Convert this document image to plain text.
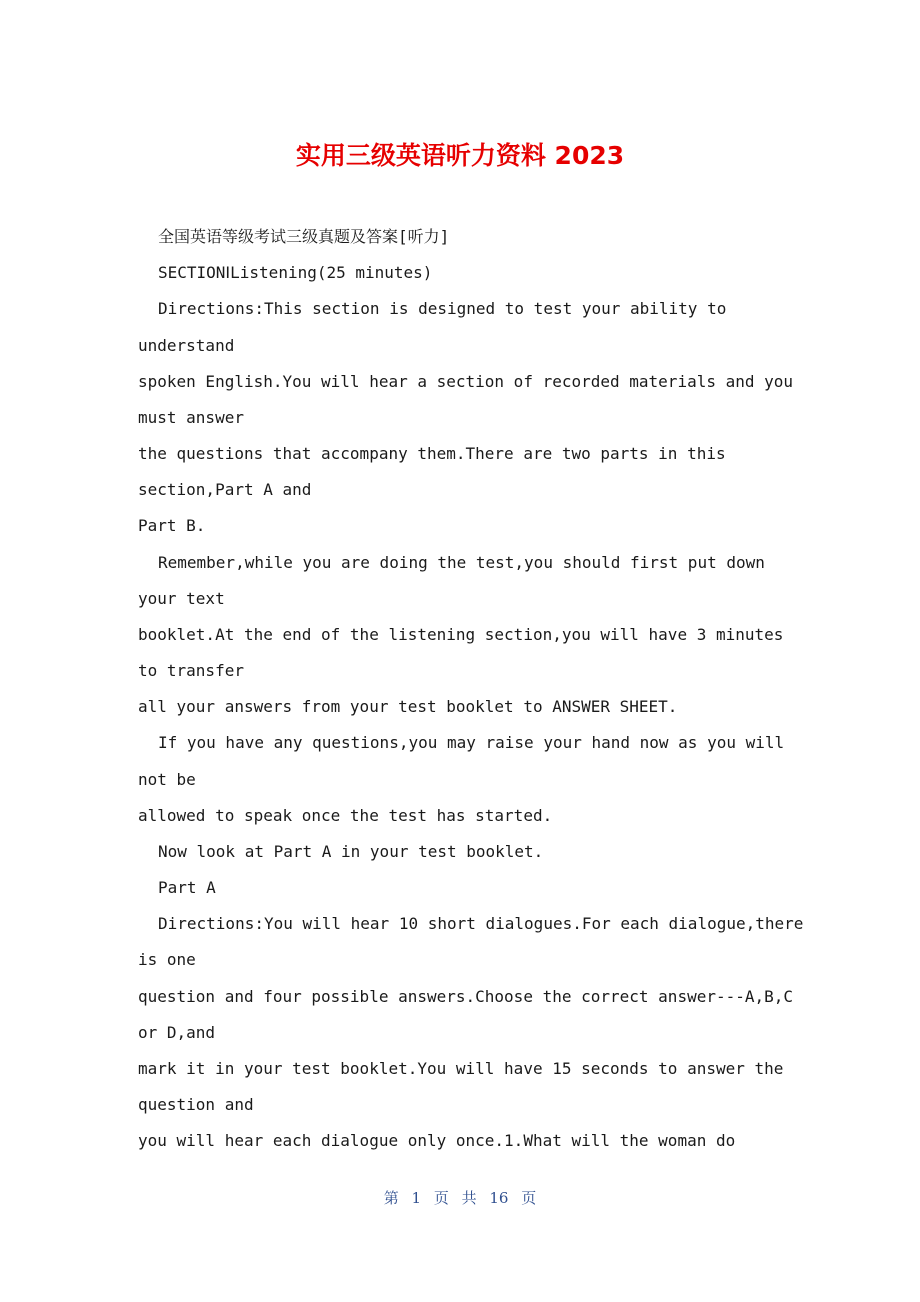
实用三级英语听力资料 2023
全国英语等级考试三级真题及答案[听力]
SECTIONⅠListening(25 minutes)
Directions:This section is designed to test your ability to
understand
spoken English.You will hear a section of recorded materials and you
must answer
the questions that accompany them.There are two parts in this
section,Part A and
Part B.
Remember,while you are doing the test,you should first put down
your text
booklet.At the end of the listening section,you will have 3 minutes
to transfer
all your answers from your test booklet to ANSWER SHEET.
If you have any questions,you may raise your hand now as you will
not be
allowed to speak once the test has started.
Now look at Part A in your test booklet.
Part A
Directions:You will hear 10 short dialogues.For each dialogue,there
is one
question and four possible answers.Choose the correct answer---A,B,C
or D,and
mark it in your test booklet.You will have 15 seconds to answer the
question and
you will hear each dialogue only once.1.What will the woman do
第 1 页 共 16 页
